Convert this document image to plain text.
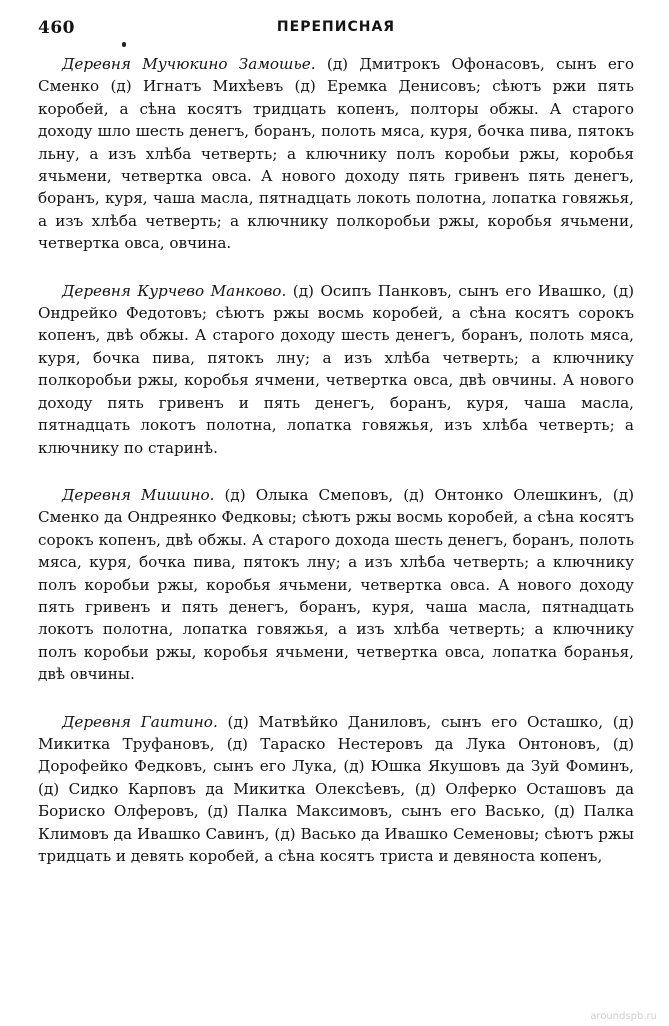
460	ПЕРЕПИСНАЯ

Деревня Мучюкино Замошье. (д) Дмитрокъ Офонасовъ, сынъ его Сменко (д) Игнатъ Михѣевъ (д) Еремка Денисовъ; сѣютъ ржи пять коробей, а сѣна косятъ тридцать копенъ, полторы обжы. А старого доходу шло шесть денегъ, боранъ, полоть мяса, куря, бочка пива, пятокъ льну, а изъ хлѣба четверть; а ключнику полъ коробьи ржы, коробья ячьмени, четвертка овса. А нового доходу пять гривенъ пять денегъ, боранъ, куря, чаша масла, пятнадцать локоть полотна, лопатка говяжья, а изъ хлѣба четверть; а ключнику полкоробьи ржы, коробья ячьмени, четвертка овса, овчина.

Деревня Курчево Манково. (д) Осипъ Панковъ, сынъ его Ивашко, (д) Ондрейко Федотовъ; сѣютъ ржы восмь коробей, а сѣна косятъ сорокъ копенъ, двѣ обжы. А старого доходу шесть денегъ, боранъ, полоть мяса, куря, бочка пива, пятокъ лну; а изъ хлѣба четверть; а ключнику полкоробьи ржы, коробья ячмени, четвертка овса, двѣ овчины. А нового доходу пять гривенъ и пять денегъ, боранъ, куря, чаша масла, пятнадцать локотъ полотна, лопатка говяжья, изъ хлѣба четверть; а ключнику по старинѣ.

Деревня Мишино. (д) Олыка Смеповъ, (д) Онтонко Олешкинъ, (д) Сменко да Ондреянко Федковы; сѣютъ ржы восмь коробей, а сѣна косятъ сорокъ копенъ, двѣ обжы. А старого дохода шесть денегъ, боранъ, полоть мяса, куря, бочка пива, пятокъ лну; а изъ хлѣба четверть; а ключнику полъ коробьи ржы, коробья ячьмени, четвертка овса. А нового доходу пять гривенъ и пять денегъ, боранъ, куря, чаша масла, пятнадцать локотъ полотна, лопатка говяжья, а изъ хлѣба четверть; а ключнику полъ коробьи ржы, коробья ячьмени, четвертка овса, лопатка боранья, двѣ овчины.

Деревня Гаитино. (д) Матвѣйко Даниловъ, сынъ его Осташко, (д) Микитка Труфановъ, (д) Тараско Нестеровъ да Лука Онтоновъ, (д) Дорофейко Федковъ, сынъ его Лука, (д) Юшка Якушовъ да Зуй Фоминъ, (д) Сидко Карповъ да Микитка Олексѣевъ, (д) Олферко Осташовъ да Бориско Олферовъ, (д) Палка Максимовъ, сынъ его Васько, (д) Палка Климовъ да Ивашко Савинъ, (д) Васько да Ивашко Семеновы; сѣютъ ржы тридцать и девять коробей, а сѣна косятъ триста и девяноста копенъ,

aroundspb.ru
